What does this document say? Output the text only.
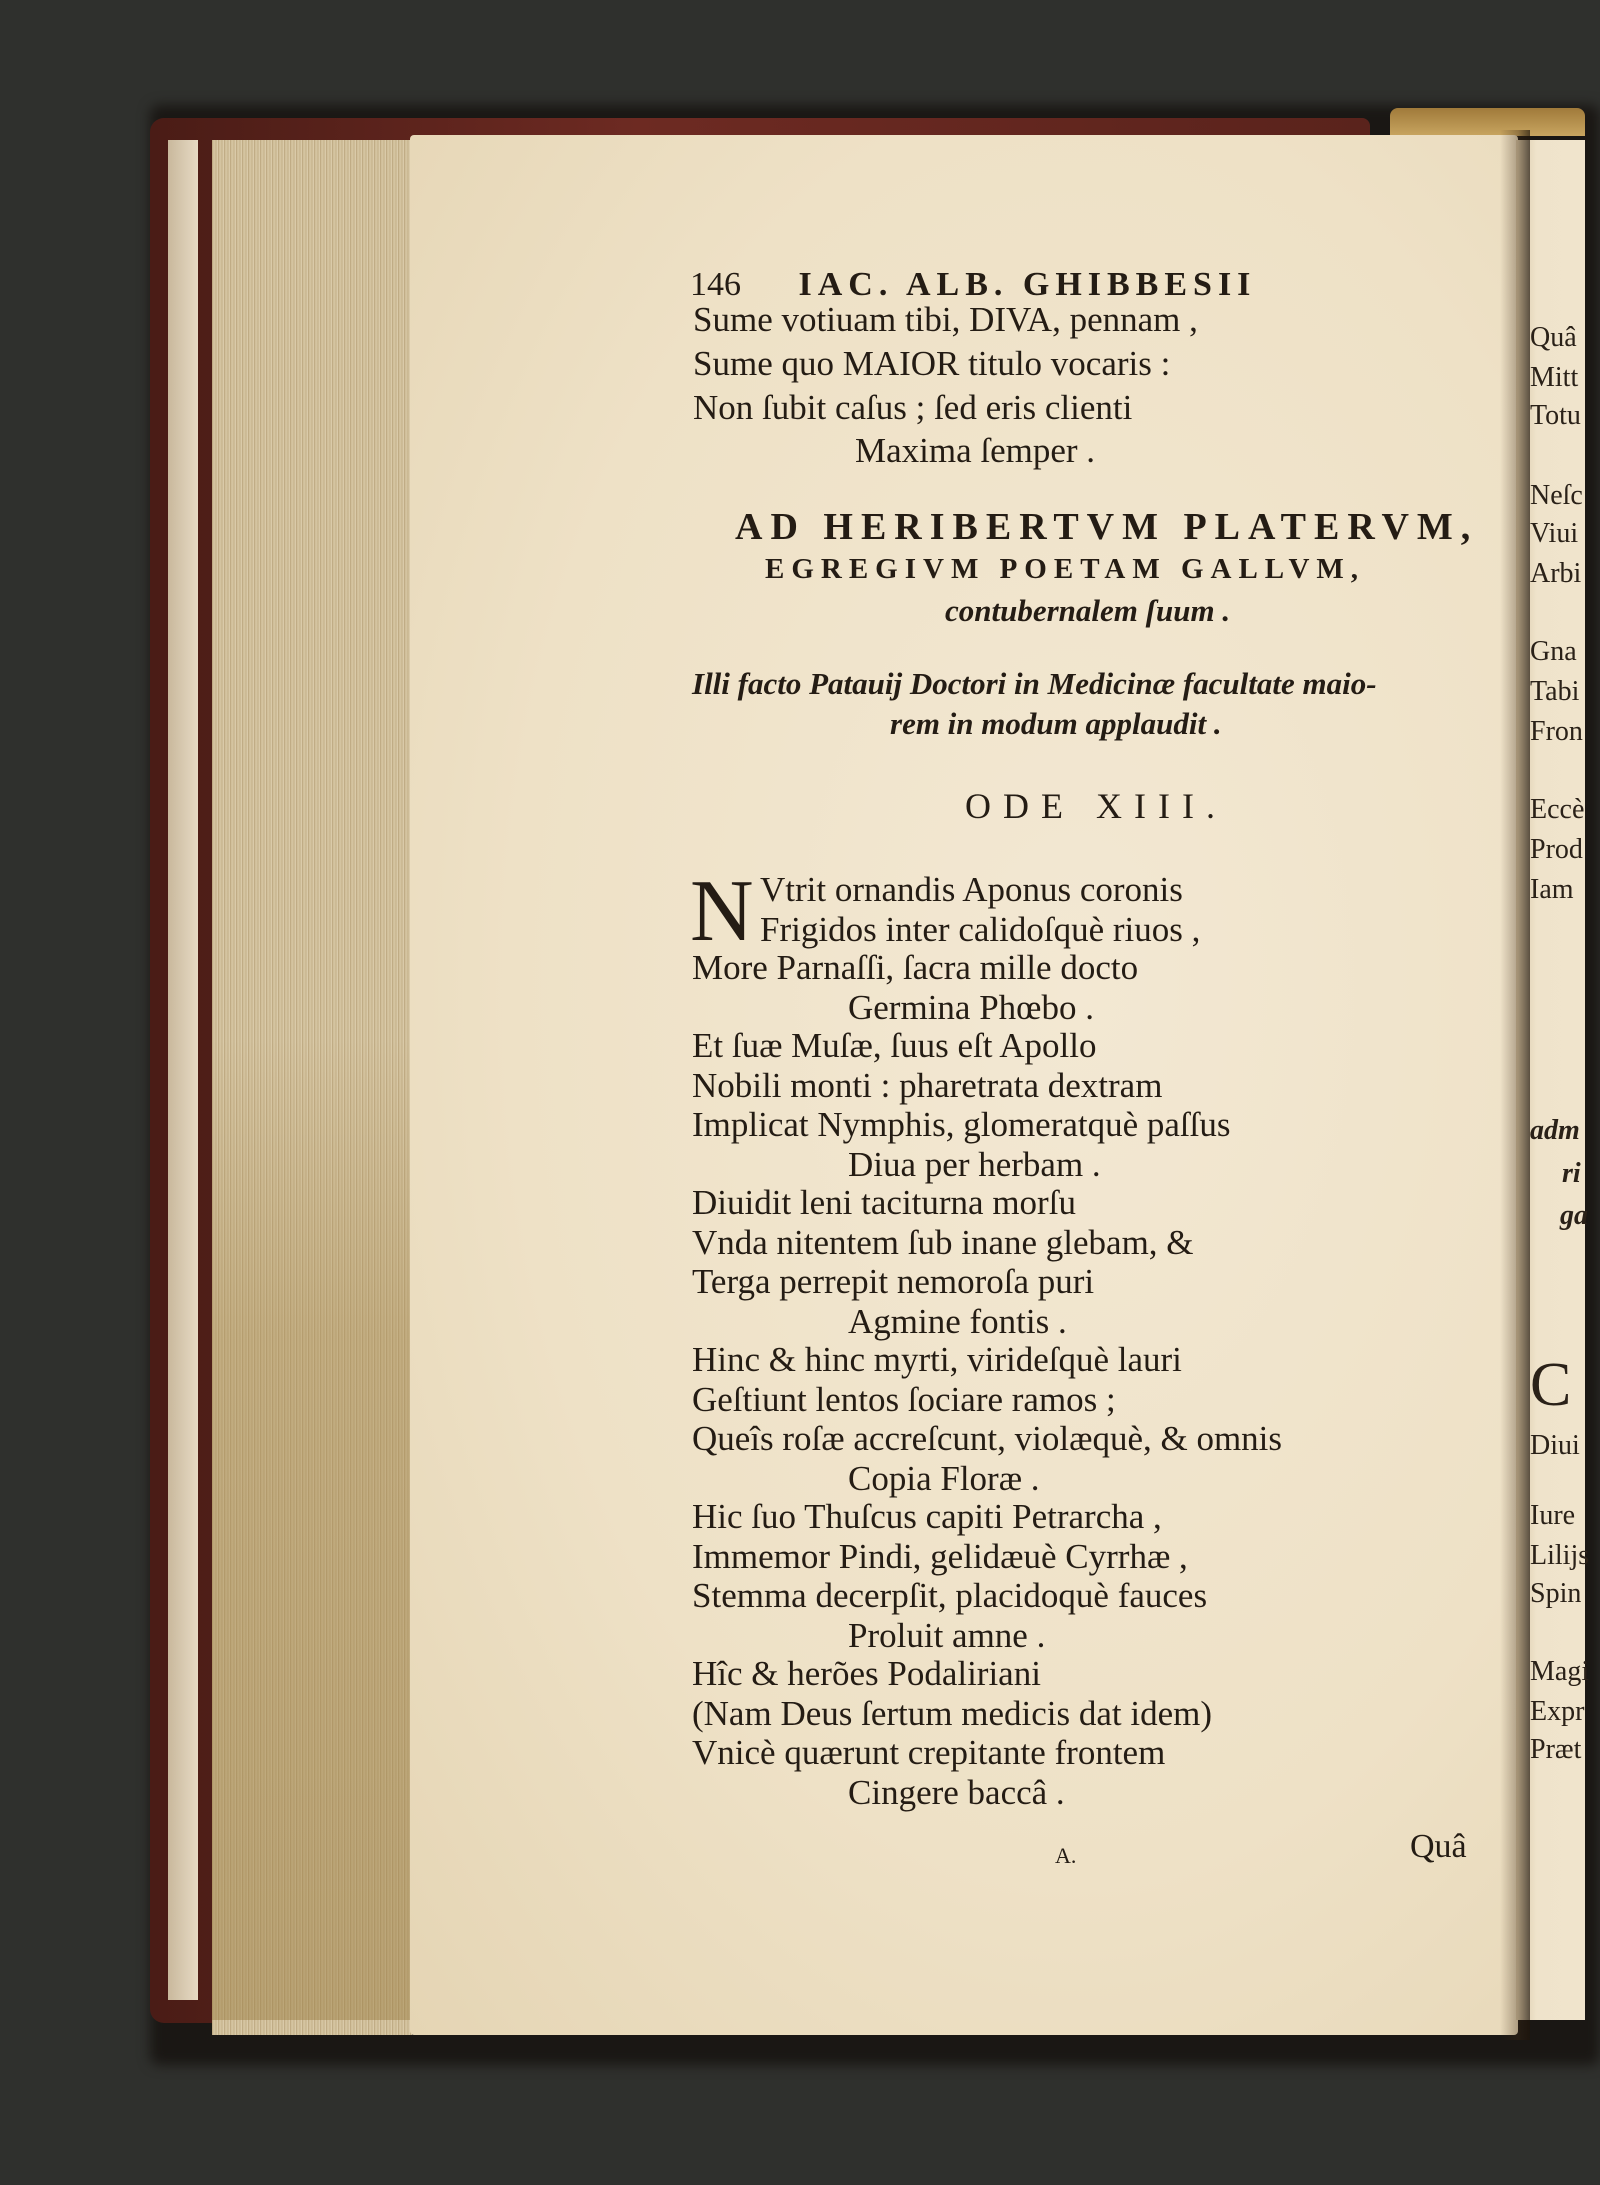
146 IAC. ALB. GHIBBESII
Sume votiuam tibi, DIVA, pennam ,
Sume quo MAIOR titulo vocaris :
Non ſubit caſus ; ſed eris clienti
Maxima ſemper .
AD HERIBERTVM PLATERVM,
EGREGIVM POETAM GALLVM,
contubernalem ſuum .
Illi facto Patauij Doctori in Medicinæ facultate maio-
rem in modum applaudit .
ODE XIII.
N Vtrit ornandis Aponus coronis
Frigidos inter calidoſquè riuos ,
More Parnaſſi, ſacra mille docto
Germina Phœbo .
Et ſuæ Muſæ, ſuus eſt Apollo
Nobili monti : pharetrata dextram
Implicat Nymphis, glomeratquè paſſus
Diua per herbam .
Diuidit leni taciturna morſu
Vnda nitentem ſub inane glebam, &
Terga perrepit nemoroſa puri
Agmine fontis .
Hinc & hinc myrti, virideſquè lauri
Geſtiunt lentos ſociare ramos ;
Queîs roſæ accreſcunt, violæquè, & omnis
Copia Floræ .
Hic ſuo Thuſcus capiti Petrarcha ,
Immemor Pindi, gelidæuè Cyrrhæ ,
Stemma decerpſit, placidoquè fauces
Proluit amne .
Hîc & herões Podaliriani
(Nam Deus ſertum medicis dat idem)
Vnicè quærunt crepitante frontem
Cingere baccâ .
A.	Quâ
Quâ
Mitt
Totu
Neſc
Viui
Arbi
Gna
Tabi
Fron
Eccè
Prod
Iam
adm
ri
ga
C
Diui
Iure
Lilijs
Spin
Magi
Expr
Præt
